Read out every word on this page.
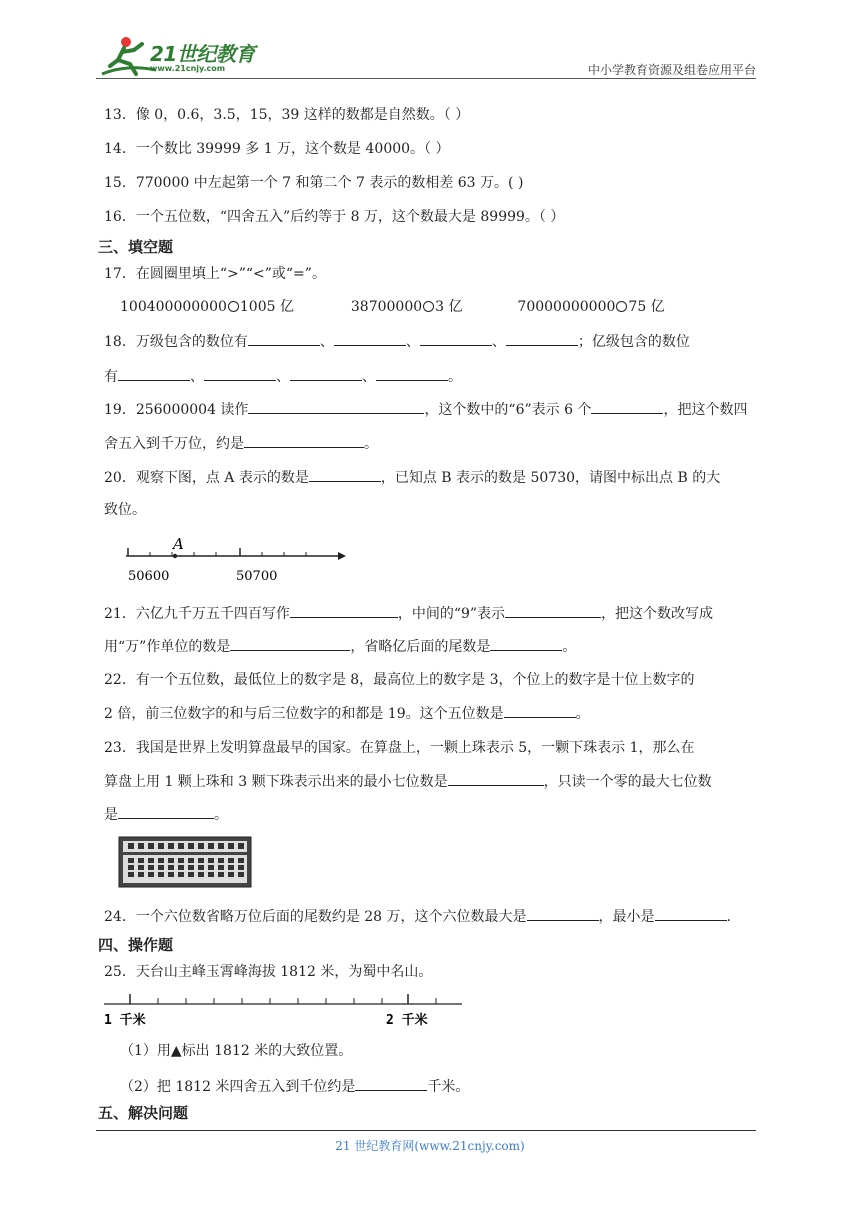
21世纪教育
www.21cnjy.com	中小学教育资源及组卷应用平台
13．像 0，0.6，3.5，15，39 这样的数都是自然数。（ ）
14．一个数比 39999 多 1 万，这个数是 40000。（ ）
15．770000 中左起第一个 7 和第二个 7 表示的数相差 63 万。( )
16．一个五位数，“四舍五入”后约等于 8 万，这个数最大是 89999。（ ）
三、填空题
17．在圆圈里填上“>”“<”或“=”。
100400000000 1005 亿	38700000 3 亿	70000000000 75 亿
18．万级包含的数位有	、	、	、	；亿级包含的数位
有	、	、	、	。
19．256000004 读作	，这个数中的“6”表示 6 个	，把这个数四
舍五入到千万位，约是	。
20．观察下图，点 A 表示的数是	，已知点 B 表示的数是 50730，请图中标出点 B 的大
致位。
A
50600	50700
21．六亿九千万五千四百写作	，中间的“9”表示	，把这个数改写成
用“万”作单位的数是	，省略亿后面的尾数是	。
22．有一个五位数，最低位上的数字是 8，最高位上的数字是 3，个位上的数字是十位上数字的
2 倍，前三位数字的和与后三位数字的和都是 19。这个五位数是	。
23．我国是世界上发明算盘最早的国家。在算盘上，一颗上珠表示 5，一颗下珠表示 1，那么在
算盘上用 1 颗上珠和 3 颗下珠表示出来的最小七位数是	，只读一个零的最大七位数
是	。
24．一个六位数省略万位后面的尾数约是 28 万，这个六位数最大是	，最小是	.
四、操作题
25．天台山主峰玉霄峰海拔 1812 米，为蜀中名山。
1 千米	2 千米
（1）用▲标出 1812 米的大致位置。
（2）把 1812 米四舍五入到千位约是	千米。
五、解决问题
21 世纪教育网(www.21cnjy.com)
